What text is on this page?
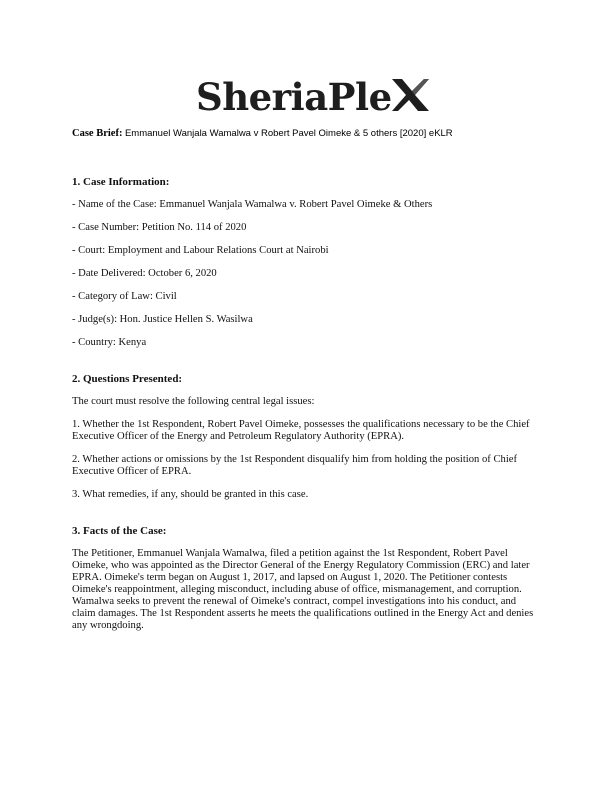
SheriaPle
Case Brief: Emmanuel Wanjala Wamalwa v Robert Pavel Oimeke & 5 others [2020] eKLR
1. Case Information:
- Name of the Case: Emmanuel Wanjala Wamalwa v. Robert Pavel Oimeke & Others
- Case Number: Petition No. 114 of 2020
- Court: Employment and Labour Relations Court at Nairobi
- Date Delivered: October 6, 2020
- Category of Law: Civil
- Judge(s): Hon. Justice Hellen S. Wasilwa
- Country: Kenya
2. Questions Presented:
The court must resolve the following central legal issues:
1. Whether the 1st Respondent, Robert Pavel Oimeke, possesses the qualifications necessary to be the Chief Executive Officer of the Energy and Petroleum Regulatory Authority (EPRA).
2. Whether actions or omissions by the 1st Respondent disqualify him from holding the position of Chief Executive Officer of EPRA.
3. What remedies, if any, should be granted in this case.
3. Facts of the Case:
The Petitioner, Emmanuel Wanjala Wamalwa, filed a petition against the 1st Respondent, Robert Pavel Oimeke, who was appointed as the Director General of the Energy Regulatory Commission (ERC) and later EPRA. Oimeke's term began on August 1, 2017, and lapsed on August 1, 2020. The Petitioner contests Oimeke's reappointment, alleging misconduct, including abuse of office, mismanagement, and corruption. Wamalwa seeks to prevent the renewal of Oimeke's contract, compel investigations into his conduct, and claim damages. The 1st Respondent asserts he meets the qualifications outlined in the Energy Act and denies any wrongdoing.
